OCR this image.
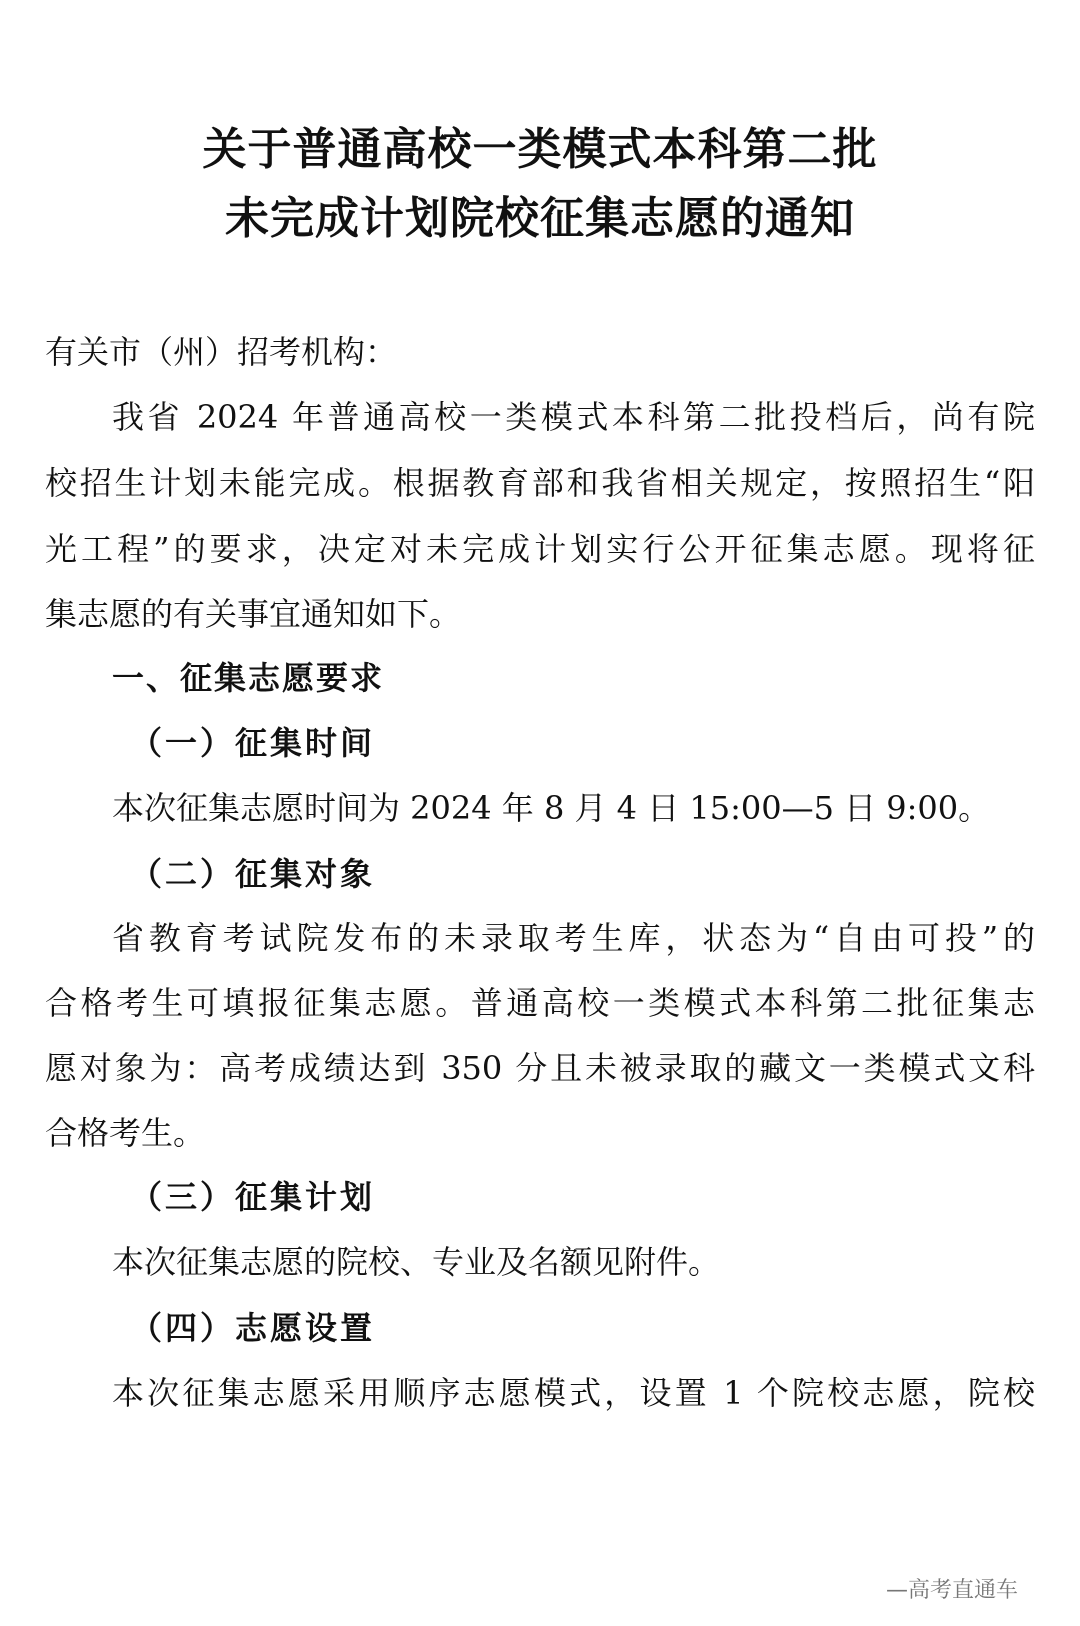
关于普通高校一类模式本科第二批
未完成计划院校征集志愿的通知
有关市（州）招考机构：
我省 2024 年普通高校一类模式本科第二批投档后，尚有院
校招生计划未能完成。根据教育部和我省相关规定，按照招生“阳
光工程”的要求，决定对未完成计划实行公开征集志愿。现将征
集志愿的有关事宜通知如下。
一、征集志愿要求
（一）征集时间
本次征集志愿时间为 2024 年 8 月 4 日 15:00—5 日 9:00。
（二）征集对象
省教育考试院发布的未录取考生库，状态为“自由可投”的
合格考生可填报征集志愿。普通高校一类模式本科第二批征集志
愿对象为：高考成绩达到 350 分且未被录取的藏文一类模式文科
合格考生。
（三）征集计划
本次征集志愿的院校、专业及名额见附件。
（四）志愿设置
本次征集志愿采用顺序志愿模式，设置 1 个院校志愿，院校
—高考直通车
